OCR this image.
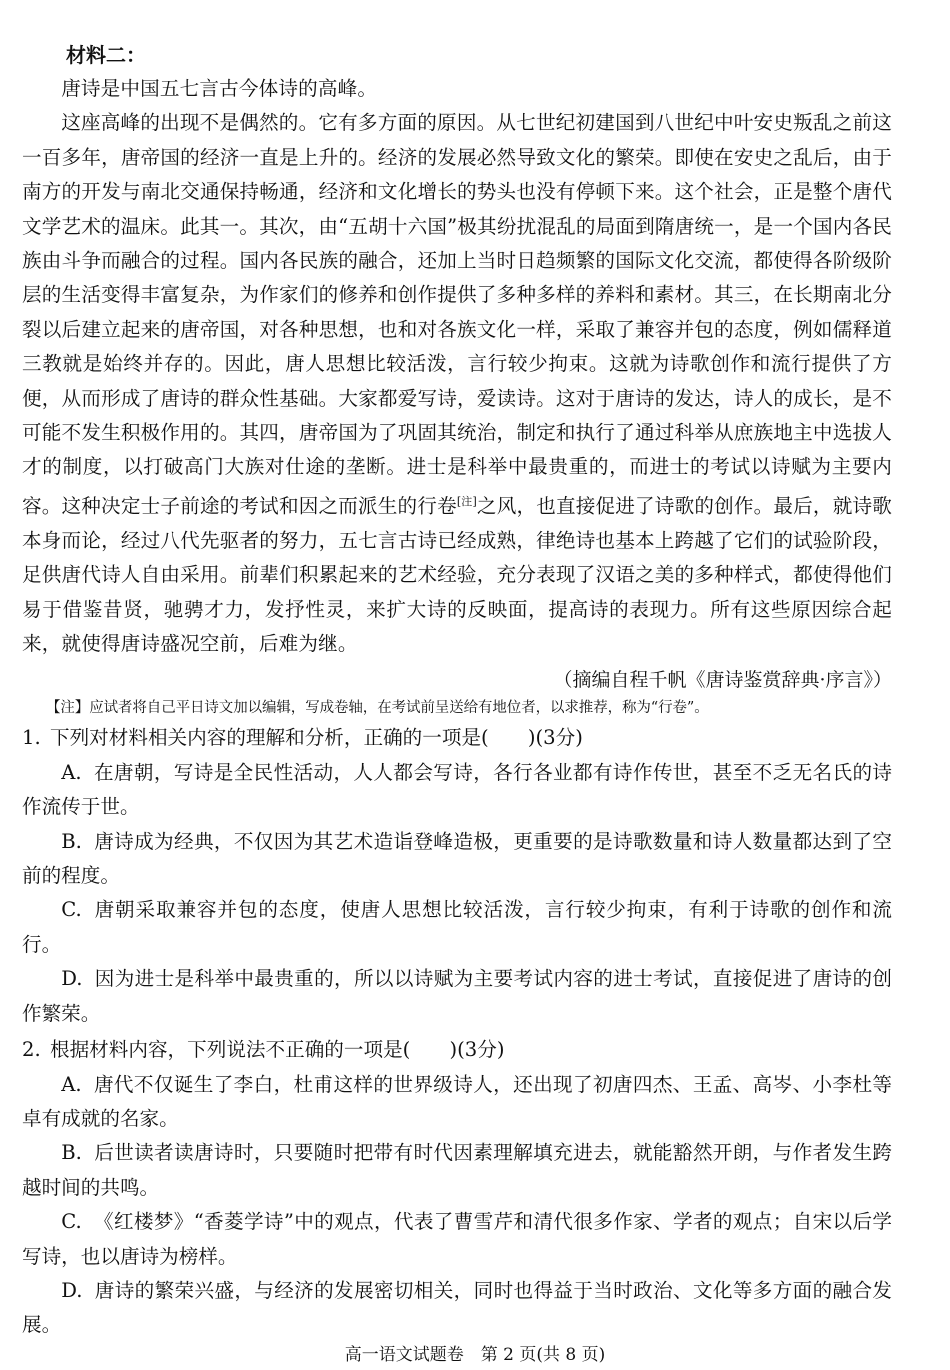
材料二：

唐诗是中国五七言古今体诗的高峰。

这座高峰的出现不是偶然的。它有多方面的原因。从七世纪初建国到八世纪中叶安史叛乱之前这一百多年，唐帝国的经济一直是上升的。经济的发展必然导致文化的繁荣。即使在安史之乱后，由于南方的开发与南北交通保持畅通，经济和文化增长的势头也没有停顿下来。这个社会，正是整个唐代文学艺术的温床。此其一。其次，由“五胡十六国”极其纷扰混乱的局面到隋唐统一，是一个国内各民族由斗争而融合的过程。国内各民族的融合，还加上当时日趋频繁的国际文化交流，都使得各阶级阶层的生活变得丰富复杂，为作家们的修养和创作提供了多种多样的养料和素材。其三，在长期南北分裂以后建立起来的唐帝国，对各种思想，也和对各族文化一样，采取了兼容并包的态度，例如儒释道三教就是始终并存的。因此，唐人思想比较活泼，言行较少拘束。这就为诗歌创作和流行提供了方便，从而形成了唐诗的群众性基础。大家都爱写诗，爱读诗。这对于唐诗的发达，诗人的成长，是不可能不发生积极作用的。其四，唐帝国为了巩固其统治，制定和执行了通过科举从庶族地主中选拔人才的制度，以打破高门大族对仕途的垄断。进士是科举中最贵重的，而进士的考试以诗赋为主要内容。这种决定士子前途的考试和因之而派生的行卷[注]之风，也直接促进了诗歌的创作。最后，就诗歌本身而论，经过八代先驱者的努力，五七言古诗已经成熟，律绝诗也基本上跨越了它们的试验阶段，足供唐代诗人自由采用。前辈们积累起来的艺术经验，充分表现了汉语之美的多种样式，都使得他们易于借鉴昔贤，驰骋才力，发抒性灵，来扩大诗的反映面，提高诗的表现力。所有这些原因综合起来，就使得唐诗盛况空前，后难为继。

（摘编自程千帆《唐诗鉴赏辞典·序言》）
【注】应试者将自己平日诗文加以编辑，写成卷轴，在考试前呈送给有地位者，以求推荐，称为“行卷”。
1. 下列对材料相关内容的理解和分析，正确的一项是(　　)(3分)
A. 在唐朝，写诗是全民性活动，人人都会写诗，各行各业都有诗作传世，甚至不乏无名氏的诗作流传于世。
B. 唐诗成为经典，不仅因为其艺术造诣登峰造极，更重要的是诗歌数量和诗人数量都达到了空前的程度。
C. 唐朝采取兼容并包的态度，使唐人思想比较活泼，言行较少拘束，有利于诗歌的创作和流行。
D. 因为进士是科举中最贵重的，所以以诗赋为主要考试内容的进士考试，直接促进了唐诗的创作繁荣。
2. 根据材料内容，下列说法不正确的一项是(　　)(3分)
A. 唐代不仅诞生了李白，杜甫这样的世界级诗人，还出现了初唐四杰、王孟、高岑、小李杜等卓有成就的名家。
B. 后世读者读唐诗时，只要随时把带有时代因素理解填充进去，就能豁然开朗，与作者发生跨越时间的共鸣。
C. 《红楼梦》“香菱学诗”中的观点，代表了曹雪芹和清代很多作家、学者的观点；自宋以后学写诗，也以唐诗为榜样。
D. 唐诗的繁荣兴盛，与经济的发展密切相关，同时也得益于当时政治、文化等多方面的融合发展。
高一语文试题卷　第 2 页(共 8 页)
